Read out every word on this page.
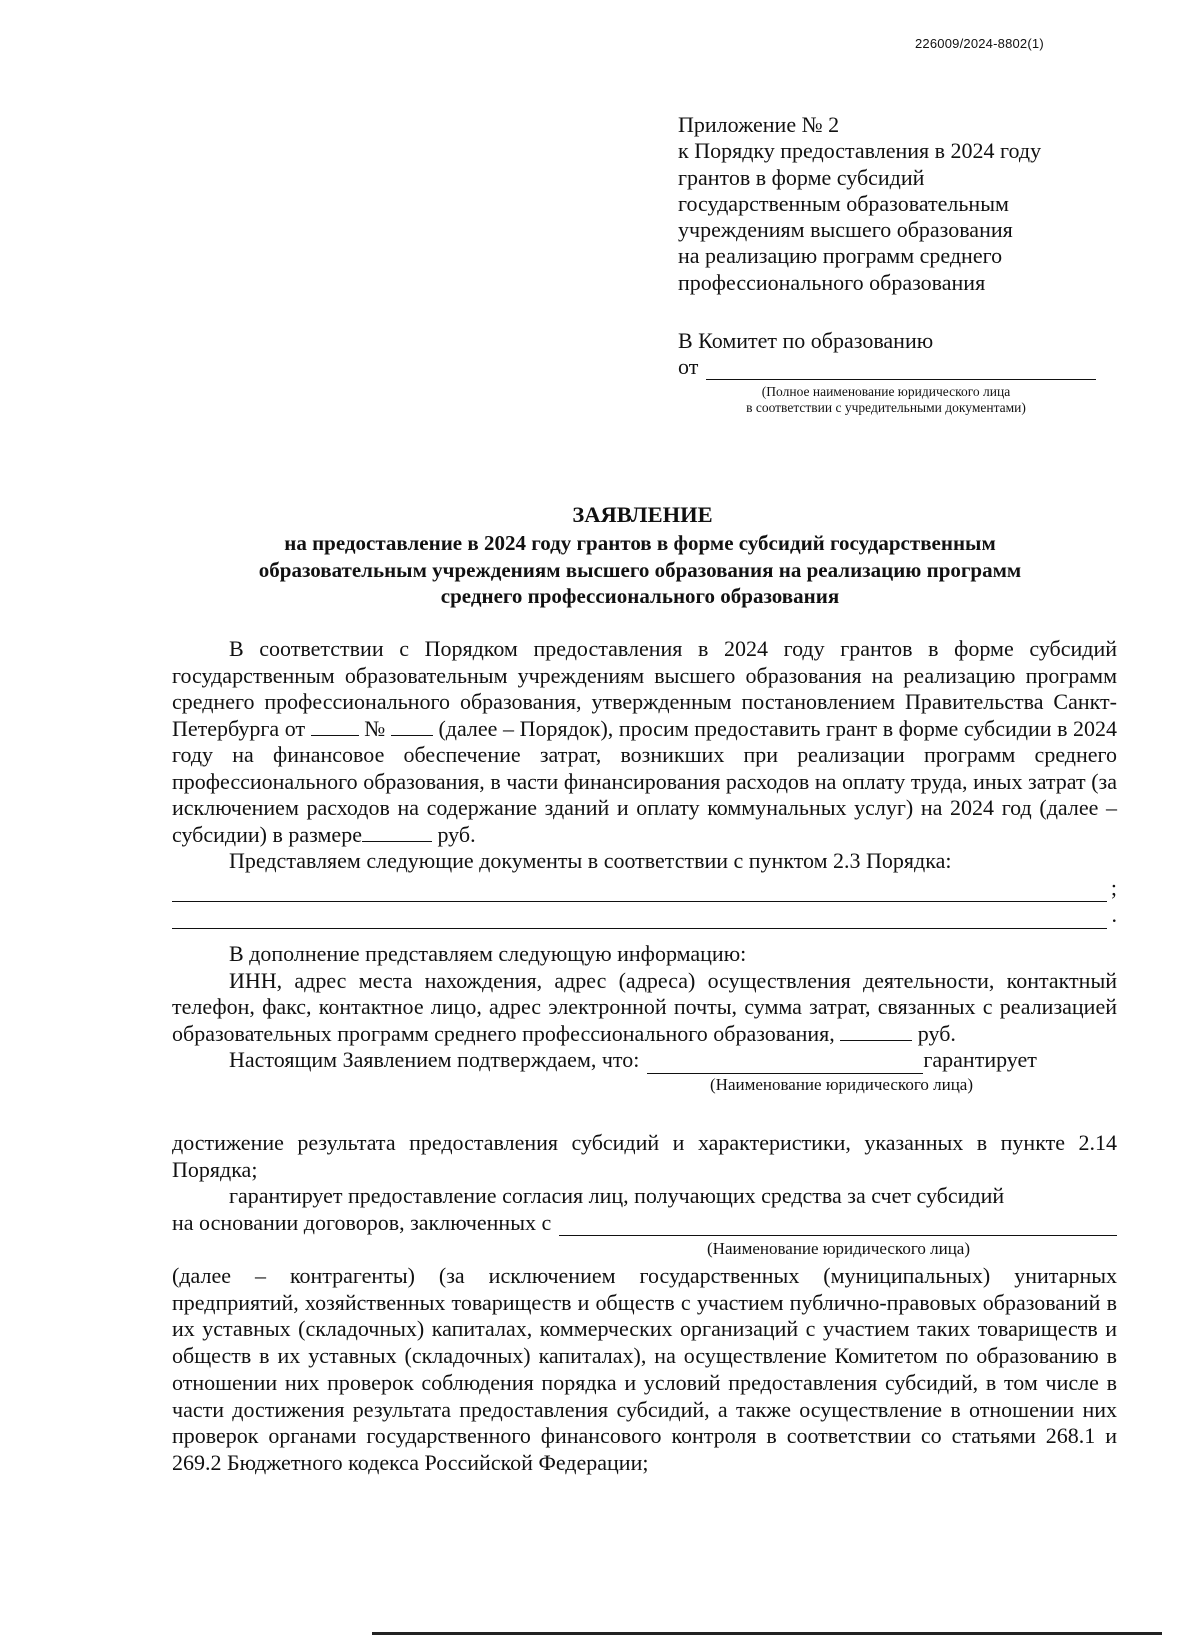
226009/2024-8802(1)
Приложение № 2
к Порядку предоставления в 2024 году
грантов в форме субсидий
государственным образовательным
учреждениям высшего образования
на реализацию программ среднего
профессионального образования
В Комитет по образованию
от
(Полное наименование юридического лица
в соответствии с учредительными документами)
ЗАЯВЛЕНИЕ
на предоставление в 2024 году грантов в форме субсидий государственным
образовательным учреждениям высшего образования на реализацию программ
среднего профессионального образования
В соответствии с Порядком предоставления в 2024 году грантов в форме субсидий государственным образовательным учреждениям высшего образования на реализацию программ среднего профессионального образования, утвержденным постановлением Правительства Санкт-Петербурга от	№ (далее – Порядок), просим предоставить грант в форме субсидии в 2024 году на финансовое обеспечение затрат, возникших при реализации программ среднего профессионального образования, в части финансирования расходов на оплату труда, иных затрат (за исключением расходов на содержание зданий и оплату коммунальных услуг) на 2024 год (далее – субсидии) в размере	руб.
Представляем следующие документы в соответствии с пунктом 2.3 Порядка:
;
.
В дополнение представляем следующую информацию:
ИНН, адрес места нахождения, адрес (адреса) осуществления деятельности, контактный телефон, факс, контактное лицо, адрес электронной почты, сумма затрат, связанных с реализацией образовательных программ среднего профессионального образования,	руб.
Настоящим Заявлением подтверждаем, что:	гарантирует
(Наименование юридического лица)
достижение результата предоставления субсидий и характеристики, указанных в пункте 2.14 Порядка;
гарантирует предоставление согласия лиц, получающих средства за счет субсидий
на основании договоров, заключенных с
(Наименование юридического лица)
(далее – контрагенты) (за исключением государственных (муниципальных) унитарных предприятий, хозяйственных товариществ и обществ с участием публично-правовых образований в их уставных (складочных) капиталах, коммерческих организаций с участием таких товариществ и обществ в их уставных (складочных) капиталах), на осуществление Комитетом по образованию в отношении них проверок соблюдения порядка и условий предоставления субсидий, в том числе в части достижения результата предоставления субсидий, а также осуществление в отношении них проверок органами государственного финансового контроля в соответствии со статьями 268.1 и 269.2 Бюджетного кодекса Российской Федерации;
